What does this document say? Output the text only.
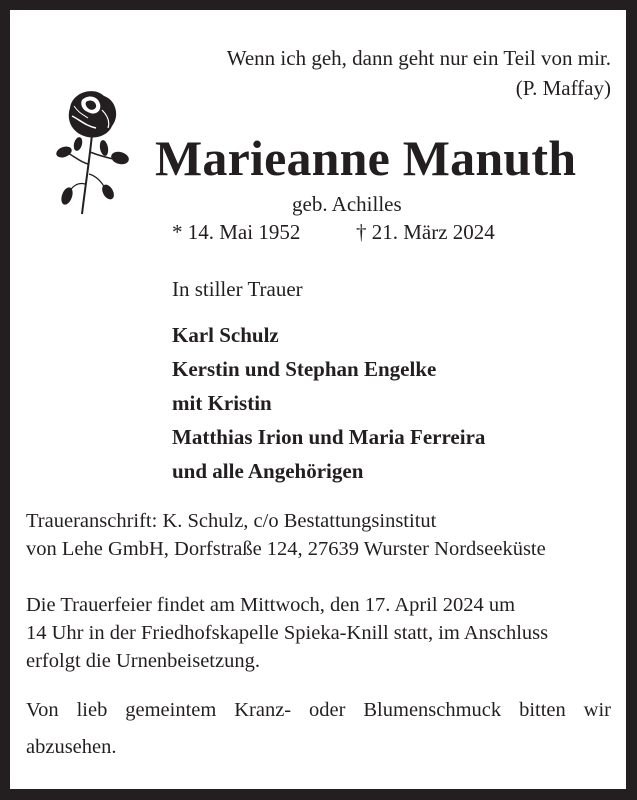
Wenn ich geh, dann geht nur ein Teil von mir.
(P. Maffay)
Marieanne Manuth
geb. Achilles
* 14. Mai 1952	† 21. März 2024
In stiller Trauer
Karl Schulz
Kerstin und Stephan Engelke
mit Kristin
Matthias Irion und Maria Ferreira
und alle Angehörigen
Traueranschrift: K. Schulz, c/o Bestattungsinstitut
von Lehe GmbH, Dorfstraße 124, 27639 Wurster Nordseeküste
Die Trauerfeier findet am Mittwoch, den 17. April 2024 um
14 Uhr in der Friedhofskapelle Spieka-Knill statt, im Anschluss
erfolgt die Urnenbeisetzung.
Von lieb gemeintem Kranz- oder Blumenschmuck bitten wir abzusehen.
